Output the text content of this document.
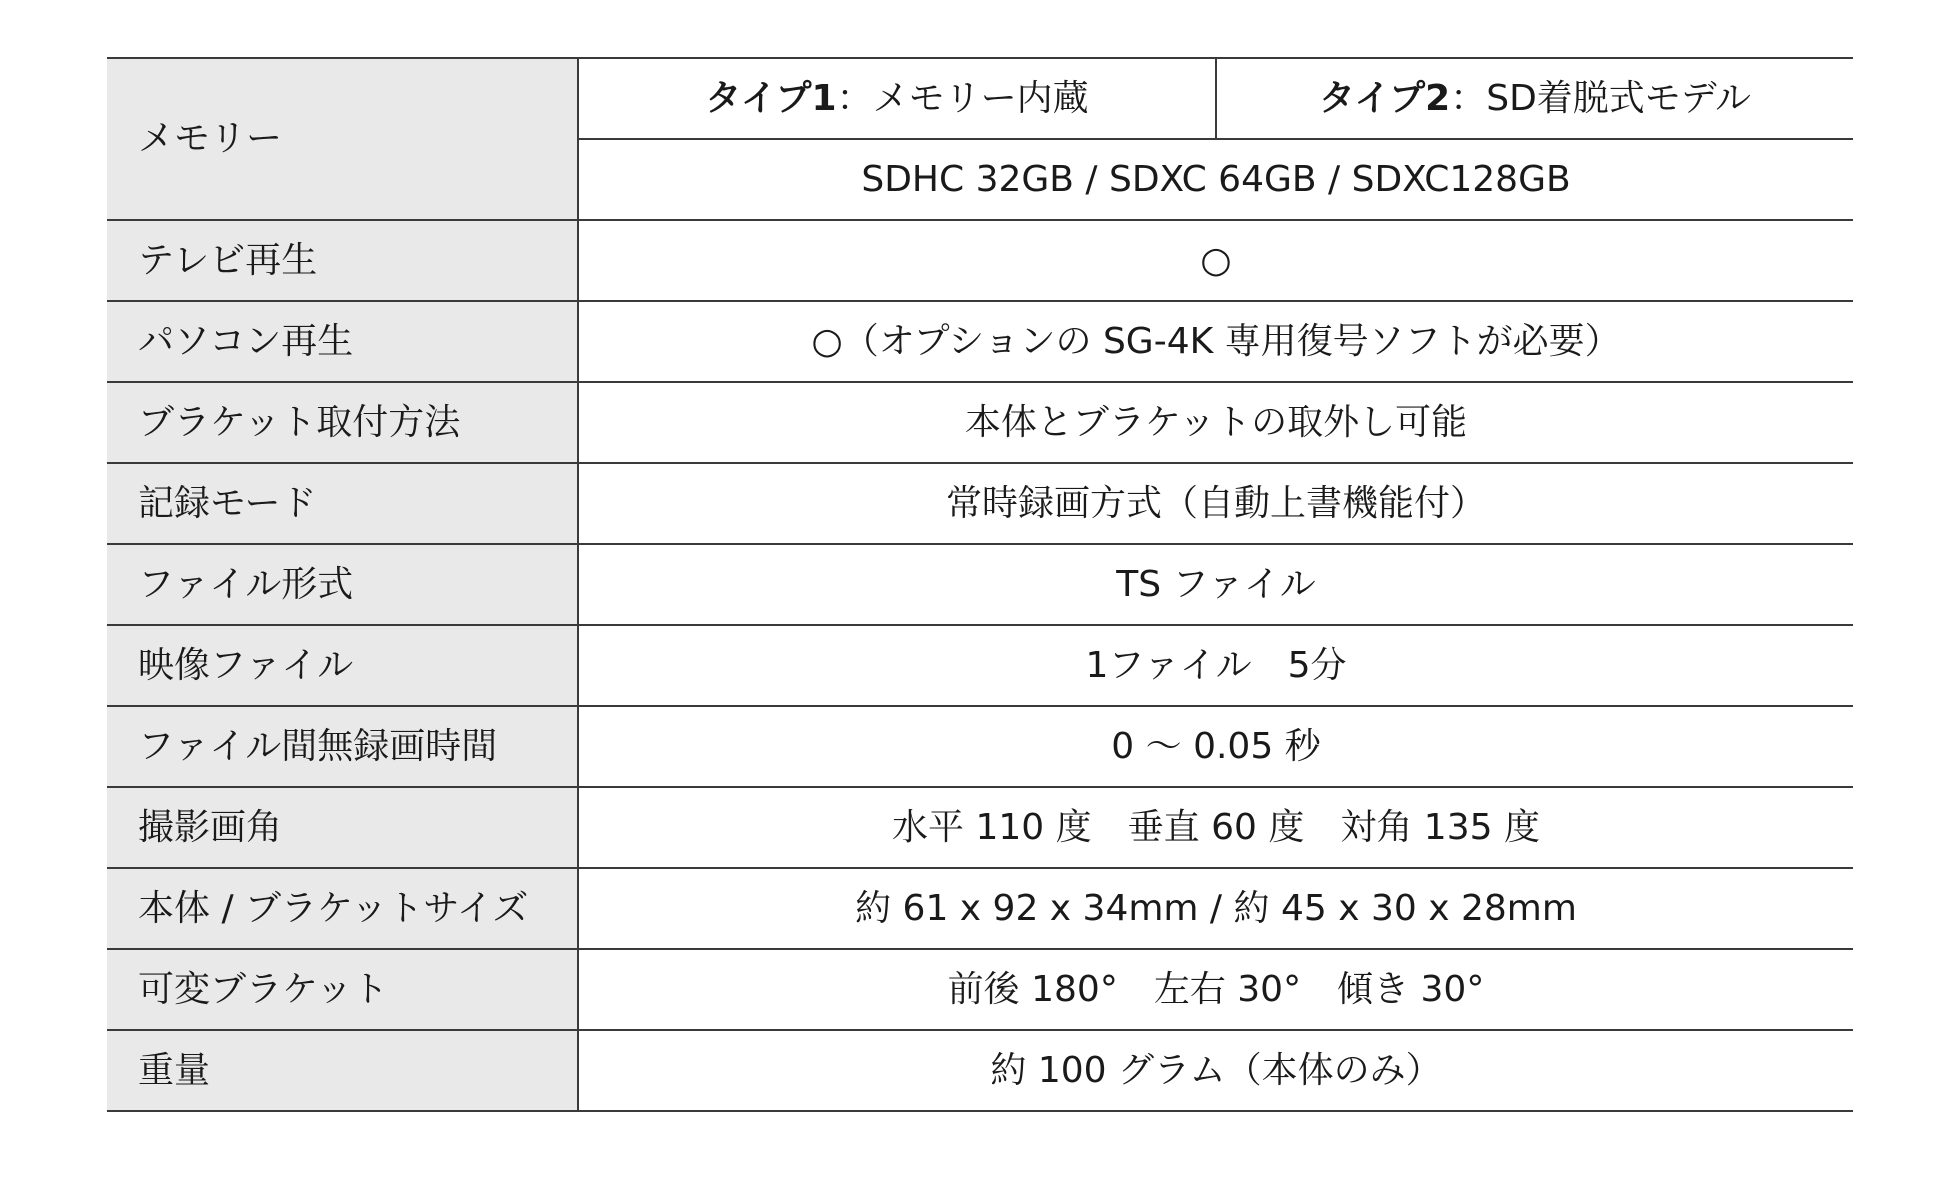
メモリー	タイプ1：メモリー内蔵	タイプ2：SD着脱式モデル
	SDHC 32GB / SDXC 64GB / SDXC128GB	
テレビ再生	○	
パソコン再生	○（オプションの SG-4K 専用復号ソフトが必要）	
ブラケット取付方法	本体とブラケットの取外し可能	
記録モード	常時録画方式（自動上書機能付）	
ファイル形式	TS ファイル	
映像ファイル	1ファイル　5分	
ファイル間無録画時間	0 〜 0.05 秒	
撮影画角	水平 110 度　垂直 60 度　対角 135 度	
本体 / ブラケットサイズ	約 61 x 92 x 34mm / 約 45 x 30 x 28mm	
可変ブラケット	前後 180°　左右 30°　傾き 30°	
重量	約 100 グラム（本体のみ）	
